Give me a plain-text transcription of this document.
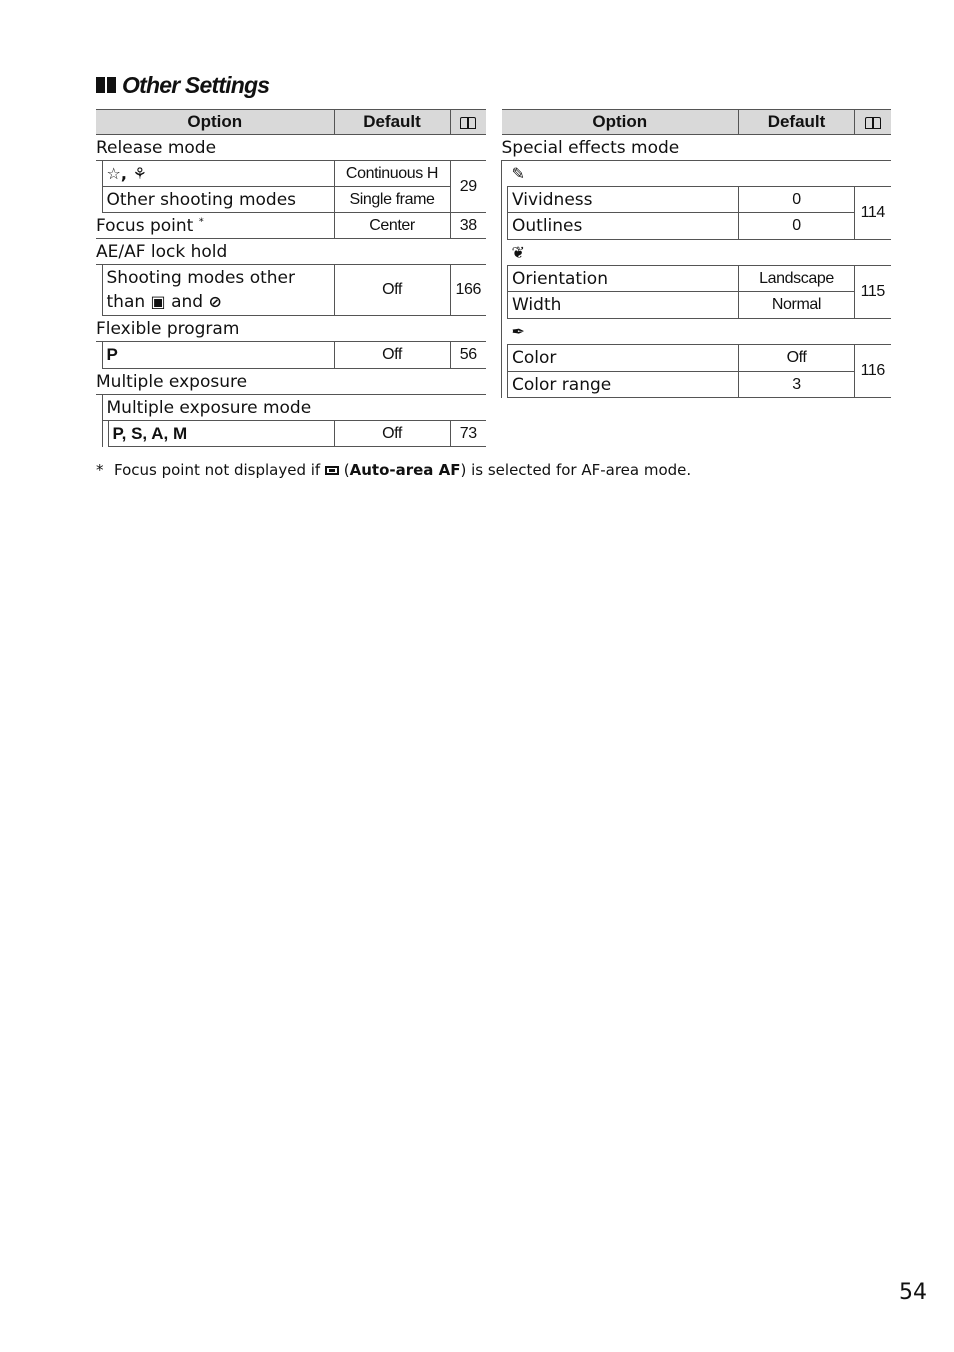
Other Settings
Option			Default	
Release mode				
	☆, ⚘		Continuous H	29
	Other shooting modes		Single frame	
Focus point *			Center	38
AE/AF lock hold				
	Shooting modes other
than ▣ and ⊘		Off	166
Flexible program				
	P		Off	56
Multiple exposure				
	Multiple exposure mode			
		P, S, A, M	Off	73
Option		Default	
Special effects mode			
	✎		
	Vividness	0	114
	Outlines	0	
	❦		
	Orientation	Landscape	115
	Width	Normal	
	✒		
	Color	Off	116
	Color range	3	
* Focus point not displayed if  (Auto-area AF) is selected for AF-area mode.
54
